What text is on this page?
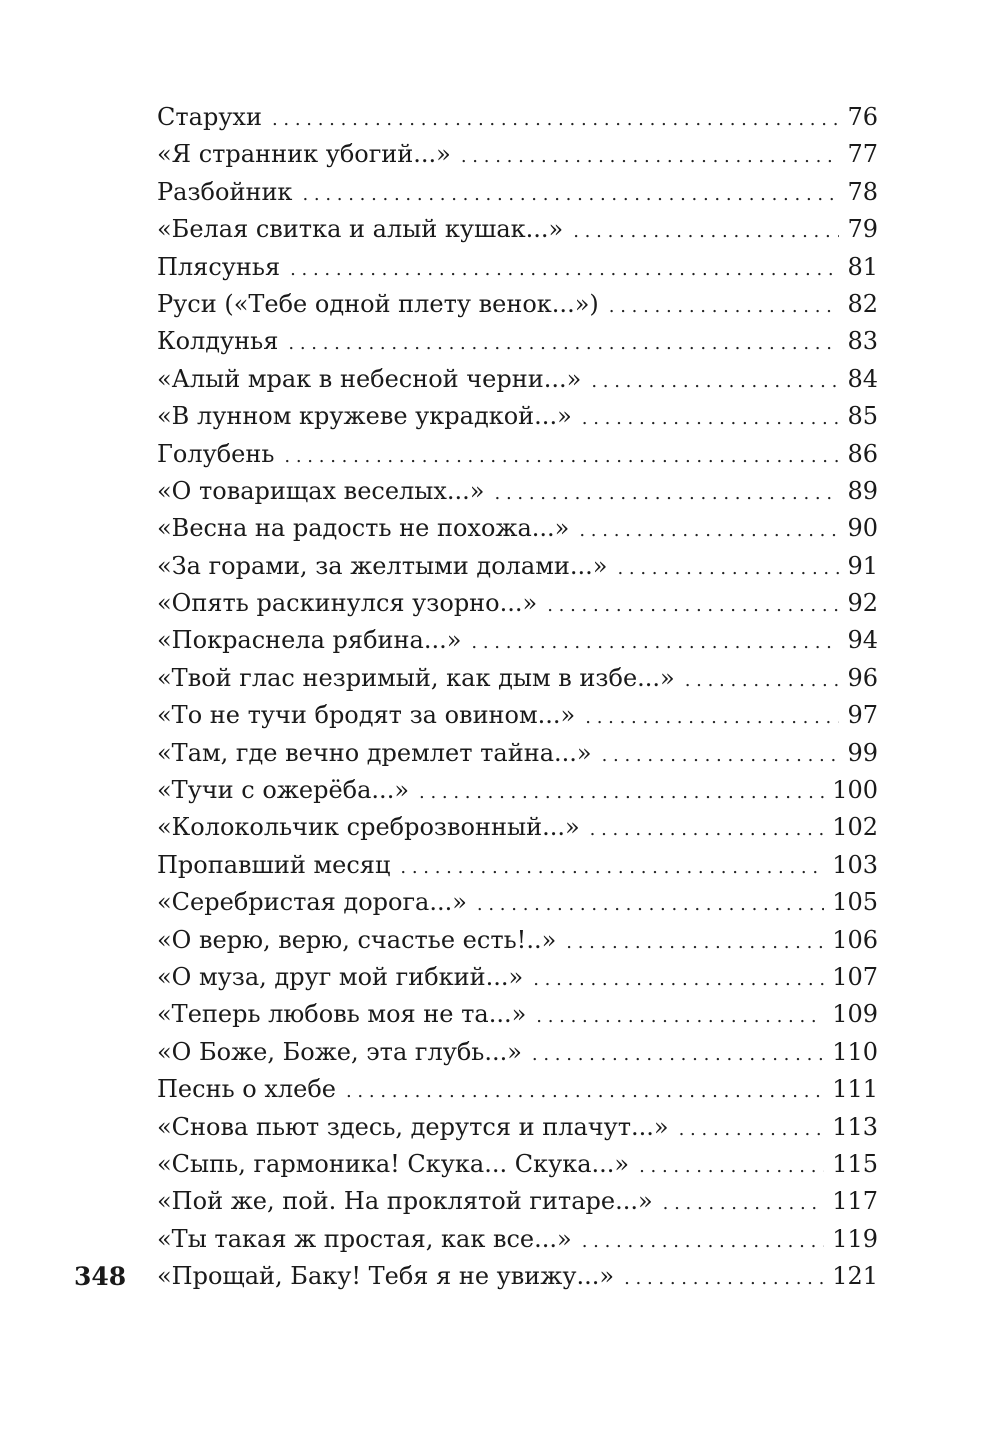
348
Старухи . . .	76
«Я странник убогий...» . . .	77
Разбойник . . .	78
«Белая свитка и алый кушак...» . . .	79
Плясунья . . .	81
Руси («Тебе одной плету венок...») . . .	82
Колдунья . . .	83
«Алый мрак в небесной черни...» . . .	84
«В лунном кружеве украдкой...» . . .	85
Голубень . . .	86
«О товарищах веселых...» . . .	89
«Весна на радость не похожа...» . . .	90
«За горами, за желтыми долами...» . . .	91
«Опять раскинулся узорно...» . . .	92
«Покраснела рябина...» . . .	94
«Твой глас незримый, как дым в избе...» . . .	96
«То не тучи бродят за овином...» . . .	97
«Там, где вечно дремлет тайна...» . . .	99
«Тучи с ожерёба...» . . .	100
«Колокольчик среброзвонный...» . . .	102
Пропавший месяц . . .	103
«Серебристая дорога...» . . .	105
«О верю, верю, счастье есть!..» . . .	106
«О муза, друг мой гибкий...» . . .	107
«Теперь любовь моя не та...» . . .	109
«О Боже, Боже, эта глубь...» . . .	110
Песнь о хлебе . . .	111
«Снова пьют здесь, дерутся и плачут...» . . .	113
«Сыпь, гармоника! Скука... Скука...» . . .	115
«Пой же, пой. На проклятой гитаре...» . . .	117
«Ты такая ж простая, как все...» . . .	119
«Прощай, Баку! Тебя я не увижу...» . . .	121
